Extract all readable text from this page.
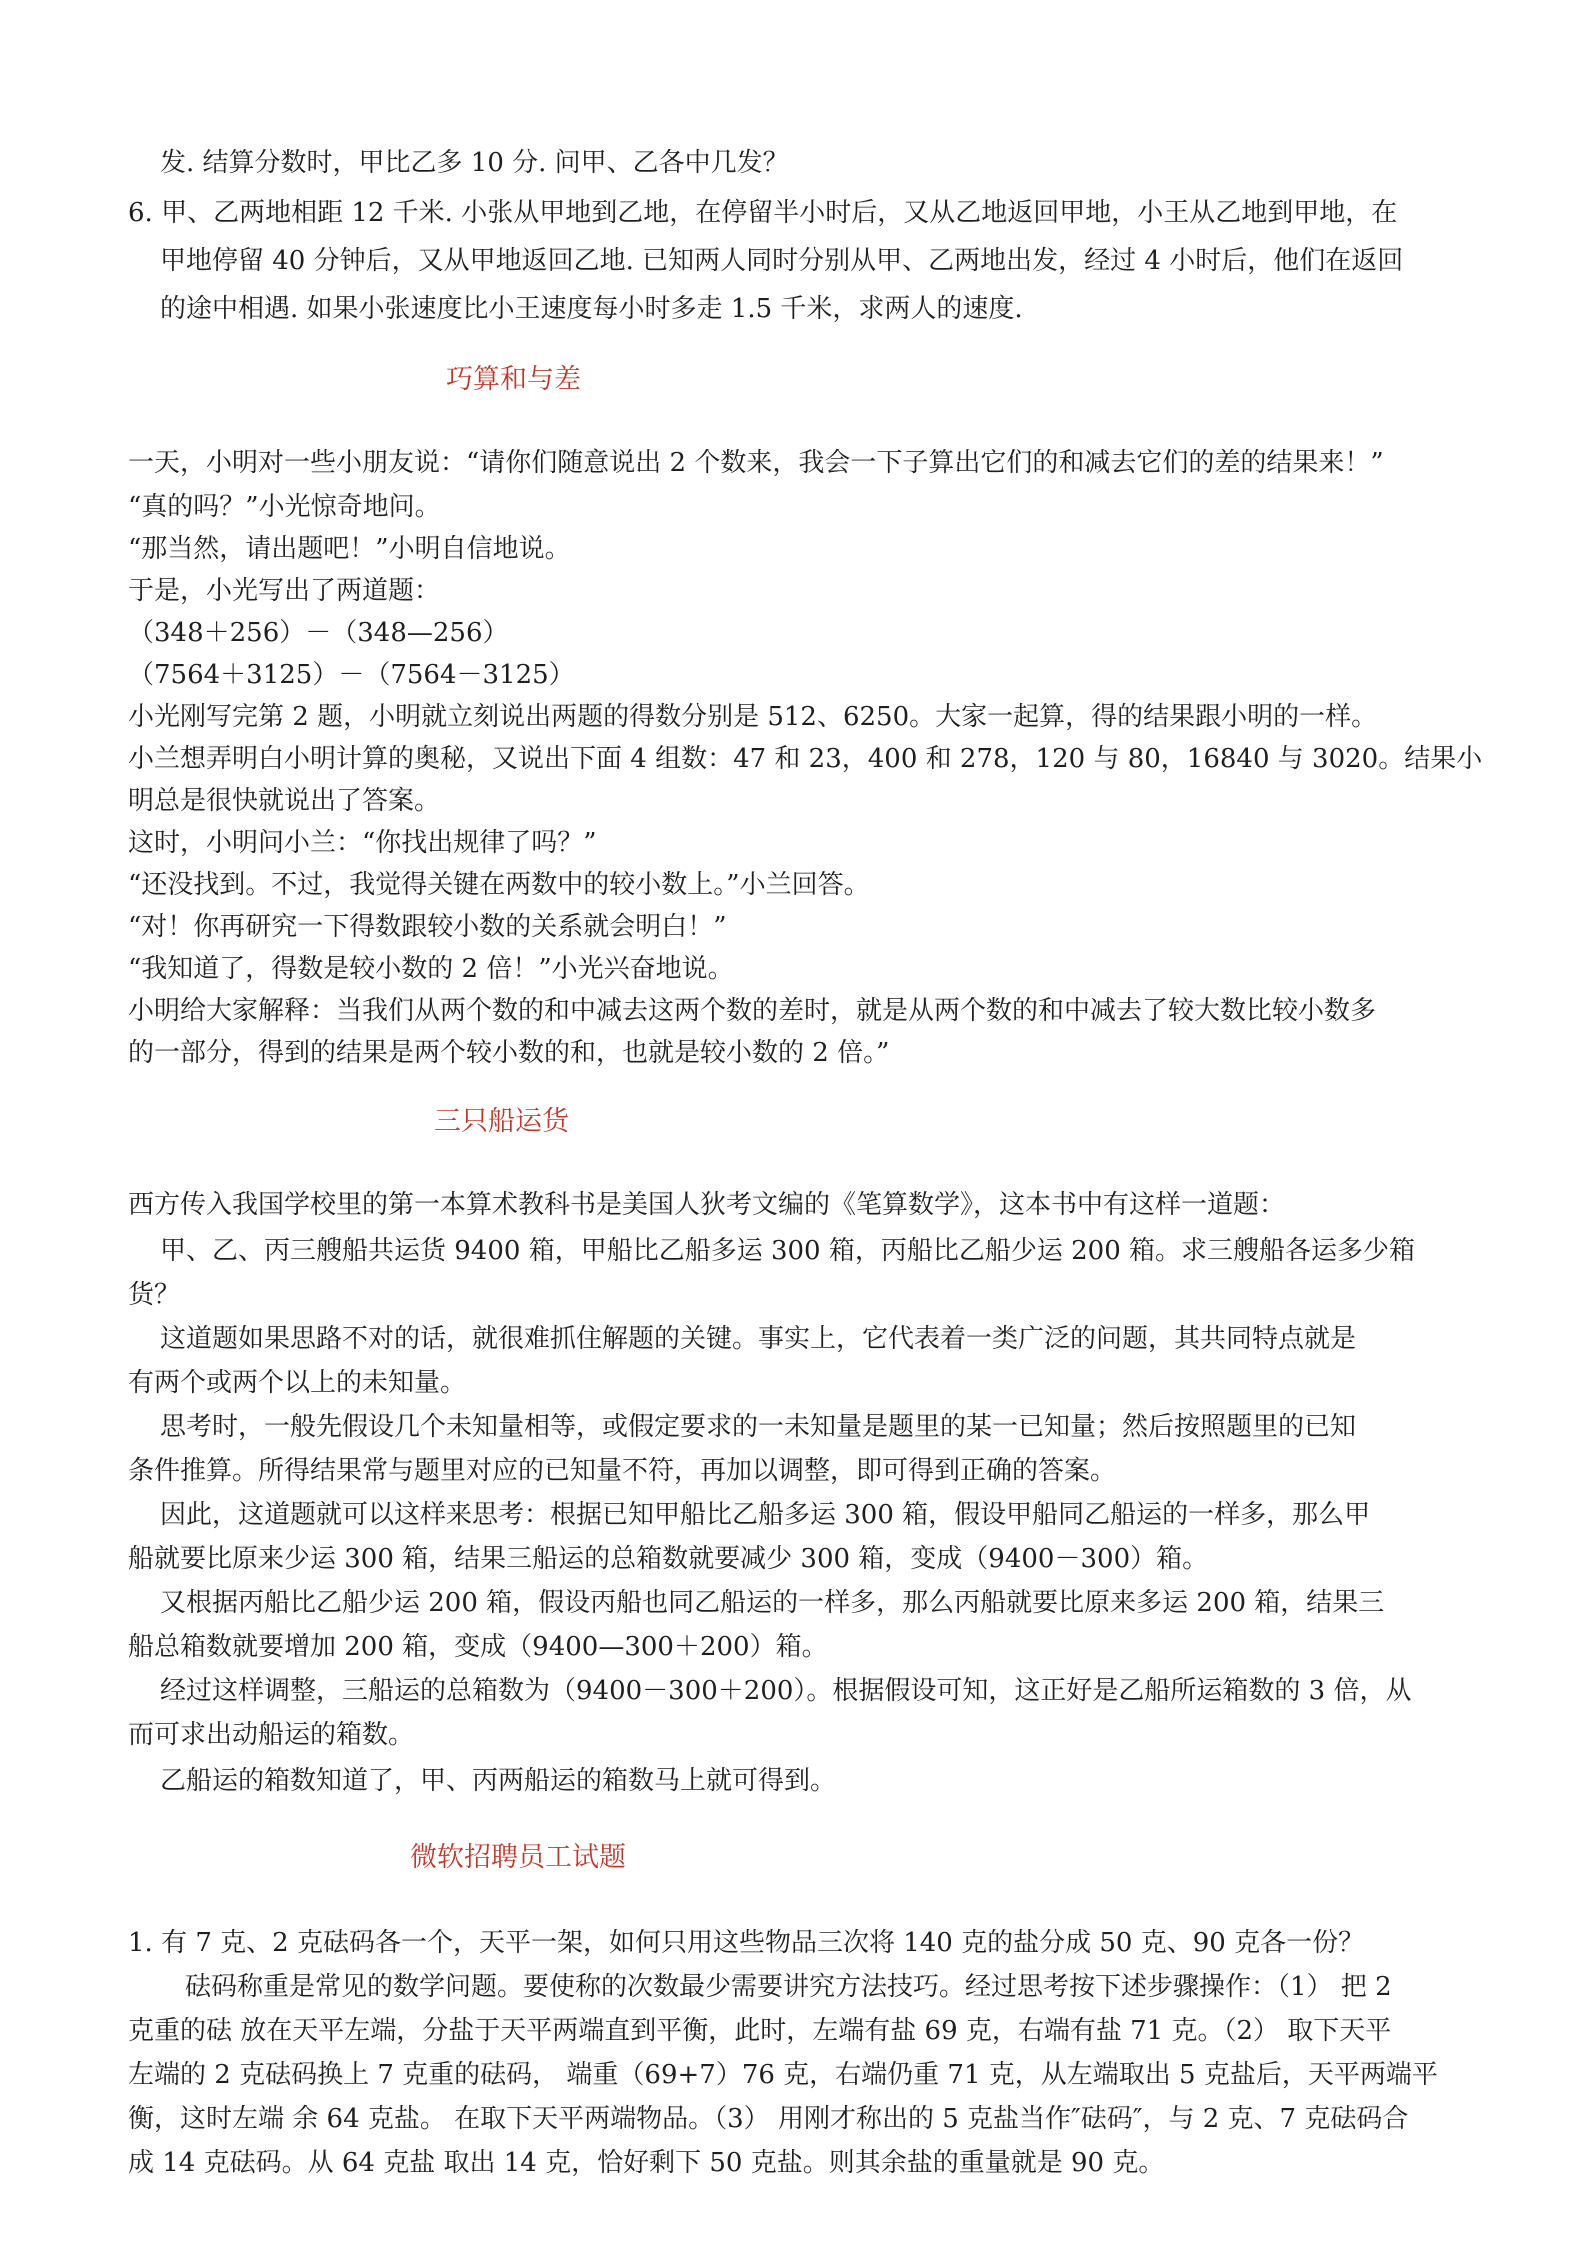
发. 结算分数时，甲比乙多 10 分. 问甲、乙各中几发？
6. 甲、乙两地相距 12 千米. 小张从甲地到乙地，在停留半小时后，又从乙地返回甲地，小王从乙地到甲地，在
甲地停留 40 分钟后，又从甲地返回乙地. 已知两人同时分别从甲、乙两地出发，经过 4 小时后，他们在返回
的途中相遇. 如果小张速度比小王速度每小时多走 1.5 千米，求两人的速度.
巧算和与差
一天，小明对一些小朋友说：“请你们随意说出 2 个数来，我会一下子算出它们的和减去它们的差的结果来！”
“真的吗？”小光惊奇地问。
“那当然，请出题吧！”小明自信地说。
于是，小光写出了两道题：
（348＋256）－（348—256）
（7564＋3125）－（7564－3125）
小光刚写完第 2 题，小明就立刻说出两题的得数分别是 512、6250。大家一起算，得的结果跟小明的一样。
小兰想弄明白小明计算的奥秘，又说出下面 4 组数：47 和 23，400 和 278，120 与 80，16840 与 3020。结果小
明总是很快就说出了答案。
这时，小明问小兰：“你找出规律了吗？”
“还没找到。不过，我觉得关键在两数中的较小数上。”小兰回答。
“对！你再研究一下得数跟较小数的关系就会明白！”
“我知道了，得数是较小数的 2 倍！”小光兴奋地说。
小明给大家解释：当我们从两个数的和中减去这两个数的差时，就是从两个数的和中减去了较大数比较小数多
的一部分，得到的结果是两个较小数的和，也就是较小数的 2 倍。”
三只船运货
西方传入我国学校里的第一本算术教科书是美国人狄考文编的《笔算数学》，这本书中有这样一道题：
甲、乙、丙三艘船共运货 9400 箱，甲船比乙船多运 300 箱，丙船比乙船少运 200 箱。求三艘船各运多少箱
货？
这道题如果思路不对的话，就很难抓住解题的关键。事实上，它代表着一类广泛的问题，其共同特点就是
有两个或两个以上的未知量。
思考时，一般先假设几个未知量相等，或假定要求的一未知量是题里的某一已知量；然后按照题里的已知
条件推算。所得结果常与题里对应的已知量不符，再加以调整，即可得到正确的答案。
因此，这道题就可以这样来思考：根据已知甲船比乙船多运 300 箱，假设甲船同乙船运的一样多，那么甲
船就要比原来少运 300 箱，结果三船运的总箱数就要减少 300 箱，变成（9400－300）箱。
又根据丙船比乙船少运 200 箱，假设丙船也同乙船运的一样多，那么丙船就要比原来多运 200 箱，结果三
船总箱数就要增加 200 箱，变成（9400—300＋200）箱。
经过这样调整，三船运的总箱数为（9400－300＋200）。根据假设可知，这正好是乙船所运箱数的 3 倍，从
而可求出动船运的箱数。
乙船运的箱数知道了，甲、丙两船运的箱数马上就可得到。
微软招聘员工试题
1. 有 7 克、2 克砝码各一个，天平一架，如何只用这些物品三次将 140 克的盐分成 50 克、90 克各一份？
砝码称重是常见的数学问题。要使称的次数最少需要讲究方法技巧。经过思考按下述步骤操作：（1） 把 2
克重的砝 放在天平左端，分盐于天平两端直到平衡，此时，左端有盐 69 克，右端有盐 71 克。（2） 取下天平
左端的 2 克砝码换上 7 克重的砝码， 端重（69+7）76 克，右端仍重 71 克，从左端取出 5 克盐后，天平两端平
衡，这时左端 余 64 克盐。 在取下天平两端物品。（3） 用刚才称出的 5 克盐当作″砝码″，与 2 克、7 克砝码合
成 14 克砝码。从 64 克盐 取出 14 克，恰好剩下 50 克盐。则其余盐的重量就是 90 克。
